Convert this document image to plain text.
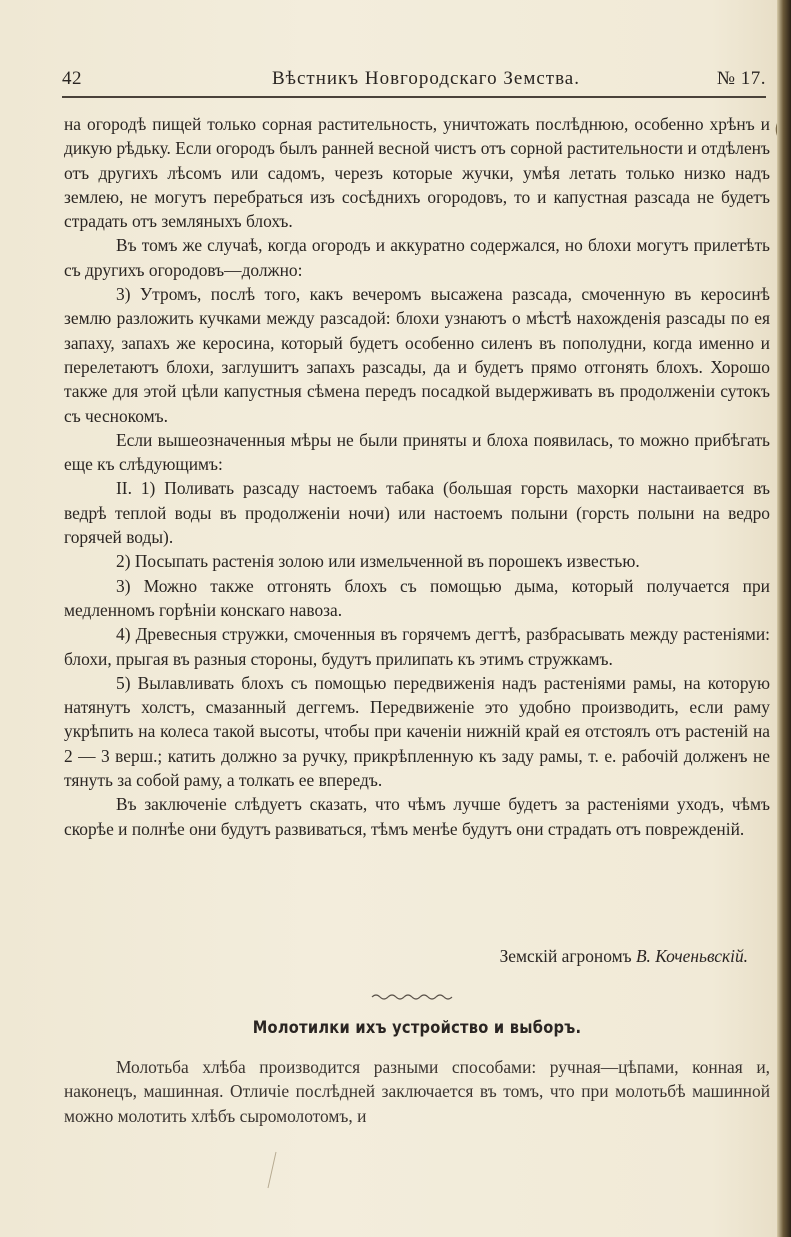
42	Вѣстникъ Новгородскаго Земства.	№ 17.

на огородѣ пищей только сорная растительность, уничтожать послѣднюю, особенно хрѣнъ и дикую рѣдьку. Если огородъ былъ ранней весной чистъ отъ сорной растительности и отдѣленъ отъ другихъ лѣсомъ или садомъ, черезъ которые жучки, умѣя летать только низко надъ землею, не могутъ перебраться изъ сосѣднихъ огородовъ, то и капустная разсада не будетъ страдать отъ земляныхъ блохъ.

Въ томъ же случаѣ, когда огородъ и аккуратно содержался, но блохи могутъ прилетѣть съ другихъ огородовъ—должно:

3) Утромъ, послѣ того, какъ вечеромъ высажена разсада, смоченную въ керосинѣ землю разложить кучками между разсадой: блохи узнаютъ о мѣстѣ нахожденія разсады по ея запаху, запахъ же керосина, который будетъ особенно силенъ въ пополудни, когда именно и перелетаютъ блохи, заглушитъ запахъ разсады, да и будетъ прямо отгонять блохъ. Хорошо также для этой цѣли капустныя сѣмена передъ посадкой выдерживать въ продолженіи сутокъ съ чеснокомъ.

Если вышеозначенныя мѣры не были приняты и блоха появилась, то можно прибѣгать еще къ слѣдующимъ:

II. 1) Поливать разсаду настоемъ табака (большая горсть махорки настаивается въ ведрѣ теплой воды въ продолженіи ночи) или настоемъ полыни (горсть полыни на ведро горячей воды).

2) Посыпать растенія золою или измельченной въ порошекъ известью.

3) Можно также отгонять блохъ съ помощью дыма, который получается при медленномъ горѣніи конскаго навоза.

4) Древесныя стружки, смоченныя въ горячемъ дегтѣ, разбрасывать между растеніями: блохи, прыгая въ разныя стороны, будутъ прилипать къ этимъ стружкамъ.

5) Вылавливать блохъ съ помощью передвиженія надъ растеніями рамы, на которую натянутъ холстъ, смазанный деггемъ. Передвиженіе это удобно производить, если раму укрѣпить на колеса такой высоты, чтобы при каченіи нижній край ея отстоялъ отъ растеній на 2 — 3 верш.; катить должно за ручку, прикрѣпленную къ заду рамы, т. е. рабочій долженъ не тянуть за собой раму, а толкать ее впередъ.

Въ заключеніе слѣдуетъ сказать, что чѣмъ лучше будетъ за растеніями уходъ, чѣмъ скорѣе и полнѣе они будутъ развиваться, тѣмъ менѣе будутъ они страдать отъ поврежденій.

Земскій агрономъ В. Коченьвскій.
Молотилки ихъ устройство и выборъ.

Молотьба хлѣба производится разными способами: ручная—цѣпами, конная и, наконецъ, машинная. Отличіе послѣдней заключается въ томъ, что при молотьбѣ машинной можно молотить хлѣбъ сыромолотомъ, и
